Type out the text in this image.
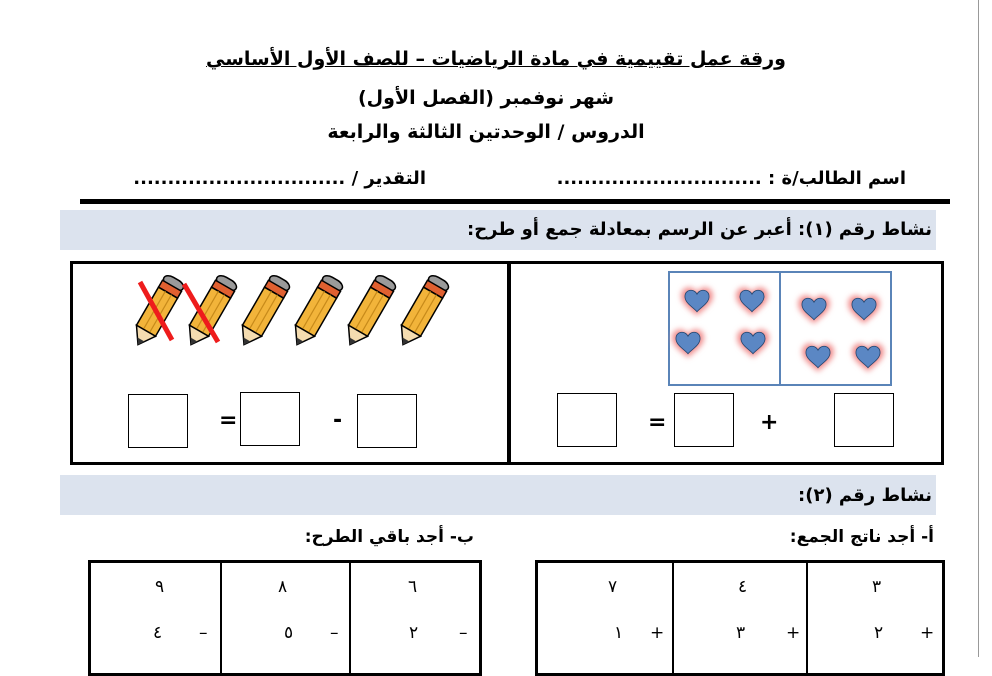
ورقة عمل تقييمية في مادة الرياضيات – للصف الأول الأساسي
شهر نوفمبر (الفصل الأول)
الدروس / الوحدتين الثالثة والرابعة
اسم الطالب/ة : ..............................
التقدير / ...............................
نشاط رقم (١): أعبر عن الرسم بمعادلة جمع أو طرح:
=	-	=	+
نشاط رقم (٢):
أ- أجد ناتج الجمع:
ب- أجد باقي الطرح:
٩
٤ –
٨
٥ –
٦
٢ –
٧
١ +
٤
٣ +
٣
٢ +
